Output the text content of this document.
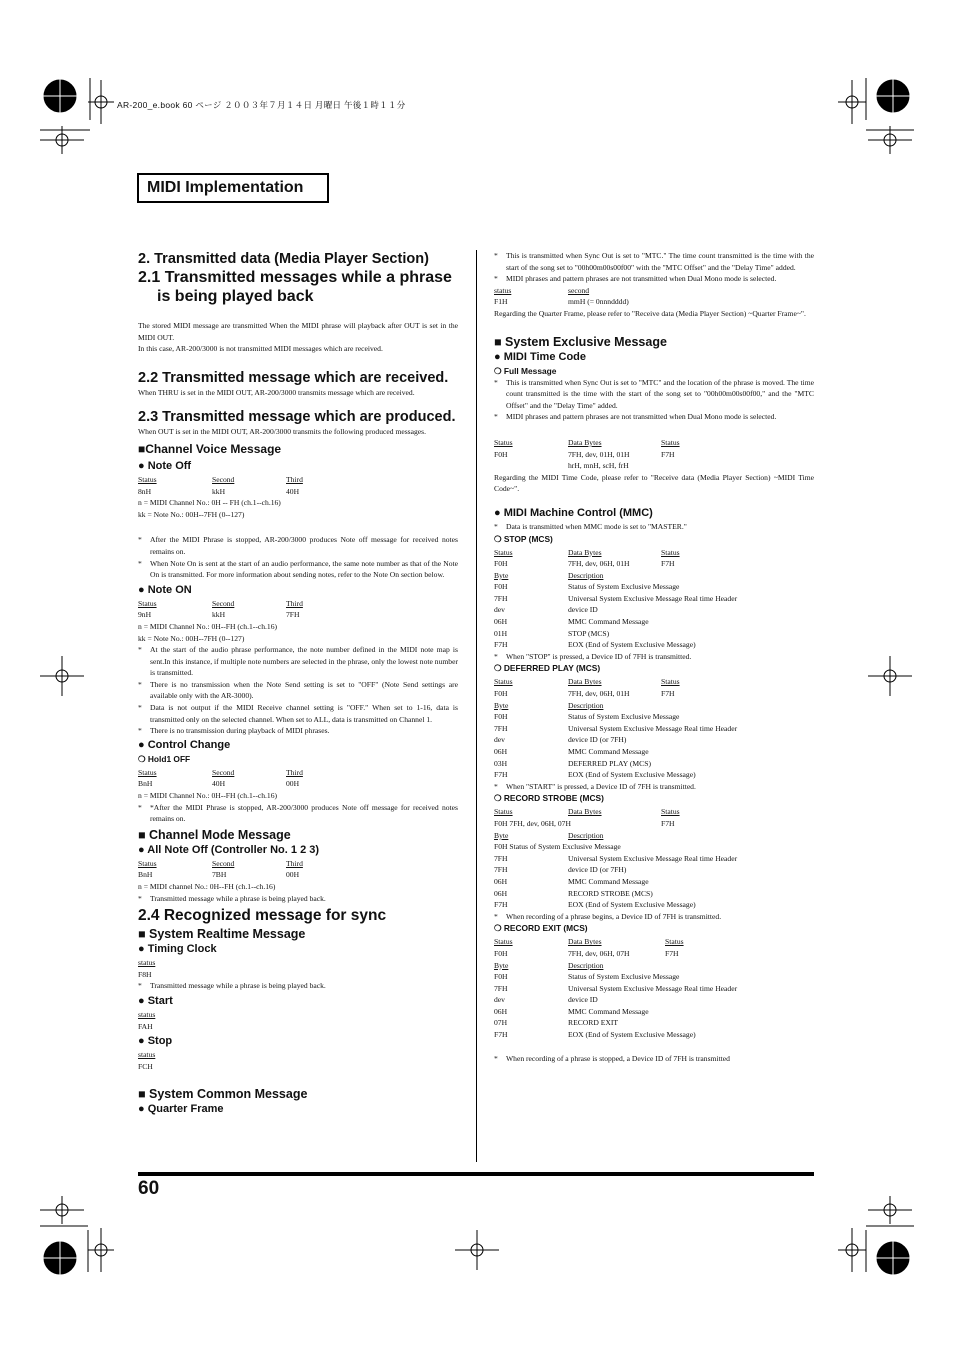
AR-200_e.book 60 ページ ２００３年７月１４日 月曜日 午後１時１１分
MIDI Implementation
2. Transmitted data (Media Player Section)
2.1 Transmitted messages while a phrase is being played back
The stored MIDI message are transmitted When the MIDI phrase will playback after OUT is set in the MIDI OUT.
In this case, AR-200/3000 is not transmitted MIDI messages which are received.
2.2 Transmitted message which are received.
When THRU is set in the MIDI OUT, AR-200/3000 transmits message which are received.
2.3 Transmitted message which are produced.
When OUT is set in the MIDI OUT, AR-200/3000 transmits the following produced messages.
■Channel Voice Message
● Note Off
Status	Second	Third
8nH	kkH	40H
n = MIDI Channel No.: 0H -- FH (ch.1--ch.16)
kk = Note No.: 00H--7FH (0--127)
*	After the MIDI Phrase is stopped, AR-200/3000 produces Note off message for received notes remains on.
*	When Note On is sent at the start of an audio performance, the same note number as that of the Note On is transmitted. For more information about sending notes, refer to the Note On section below.
● Note ON
Status	Second	Third
9nH	kkH	7FH
n = MIDI Channel No.: 0H--FH (ch.1--ch.16)
kk = Note No.: 00H--7FH (0--127)
*	At the start of the audio phrase performance, the note number defined in the MIDI note map is sent.In this instance, if multiple note numbers are selected in the phrase, only the lowest note number is transmitted.
*	There is no transmission when the Note Send setting is set to "OFF" (Note Send settings are available only with the AR-3000).
*	Data is not output if the MIDI Receive channel setting is "OFF." When set to 1-16, data is transmitted only on the selected channel. When set to ALL, data is transmitted on Channel 1.
*	There is no transmission during playback of MIDI phrases.
● Control Change
❍ Hold1 OFF
Status	Second	Third
BnH	40H	00H
n = MIDI Channel No.: 0H--FH (ch.1--ch.16)
*	*After the MIDI Phrase is stopped, AR-200/3000 produces Note off message for received notes remains on.
■ Channel Mode Message
● All Note Off (Controller No. 1 2 3)
Status	Second	Third
BnH	7BH	00H
n = MIDI channel No.: 0H--FH (ch.1--ch.16)
*	Transmitted message while a phrase is being played back.
2.4 Recognized message for sync
■ System Realtime Message
● Timing Clock
status
F8H
*	Transmitted message while a phrase is being played back.
● Start
status
FAH
● Stop
status
FCH
■ System Common Message
● Quarter Frame
*	This is transmitted when Sync Out is set to "MTC." The time count transmitted is the time with the start of the song set to "00h00m00s00f00" with the "MTC Offset" and the "Delay Time" added.
*	MIDI phrases and pattern phrases are not transmitted when Dual Mono mode is selected.
status	second
F1H	mmH (= 0nnndddd)
Regarding the Quarter Frame, please refer to "Receive data (Media Player Section) ~Quarter Frame~".
■ System Exclusive Message
● MIDI Time Code
❍ Full Message
*	This is transmitted when Sync Out is set to "MTC" and the location of the phrase is moved. The time count transmitted is the time with the start of the song set to "00h00m00s00f00," and the "MTC Offset" and the "Delay Time" added.
*	MIDI phrases and pattern phrases are not transmitted when Dual Mono mode is selected.
Status	Data Bytes	Status
F0H	7FH, dev, 01H, 01H	F7H
hrH, mnH, scH, frH
Regarding the MIDI Time Code, please refer to "Receive data (Media Player Section) ~MIDI Time Code~".
● MIDI Machine Control (MMC)
*	Data is transmitted when MMC mode is set to "MASTER."
❍ STOP (MCS)
Status	Data Bytes	Status
F0H	7FH, dev, 06H, 01H	F7H
Byte	Description
F0H	Status of System Exclusive Message
7FH	Universal System Exclusive Message Real time Header
dev	device ID
06H	MMC Command Message
01H	STOP (MCS)
F7H	EOX (End of System Exclusive Message)
*	When "STOP" is pressed, a Device ID of 7FH is transmitted.
❍ DEFERRED PLAY (MCS)
Status	Data Bytes	Status
F0H	7FH, dev, 06H, 01H	F7H
Byte	Description
F0H	Status of System Exclusive Message
7FH	Universal System Exclusive Message Real time Header
dev	device ID (or 7FH)
06H	MMC Command Message
03H	DEFERRED PLAY (MCS)
F7H	EOX (End of System Exclusive Message)
*	When "START" is pressed, a Device ID of 7FH is transmitted.
❍ RECORD STROBE (MCS)
Status	Data Bytes	Status
F0H 7FH, dev, 06H, 07H	F7H
Byte	Description
F0H Status of System Exclusive Message
7FH	Universal System Exclusive Message Real time Header
7FH	device ID (or 7FH)
06H	MMC Command Message
06H	RECORD STROBE (MCS)
F7H	EOX (End of System Exclusive Message)
*	When recording of a phrase begins, a Device ID of 7FH is transmitted.
❍ RECORD EXIT (MCS)
Status	Data Bytes	Status
F0H	7FH, dev, 06H, 07H	F7H
Byte	Description
F0H	Status of System Exclusive Message
7FH	Universal System Exclusive Message Real time Header
dev	device ID
06H	MMC Command Message
07H	RECORD EXIT
F7H	EOX (End of System Exclusive Message)
*	When recording of a phrase is stopped, a Device ID of 7FH is transmitted
60
